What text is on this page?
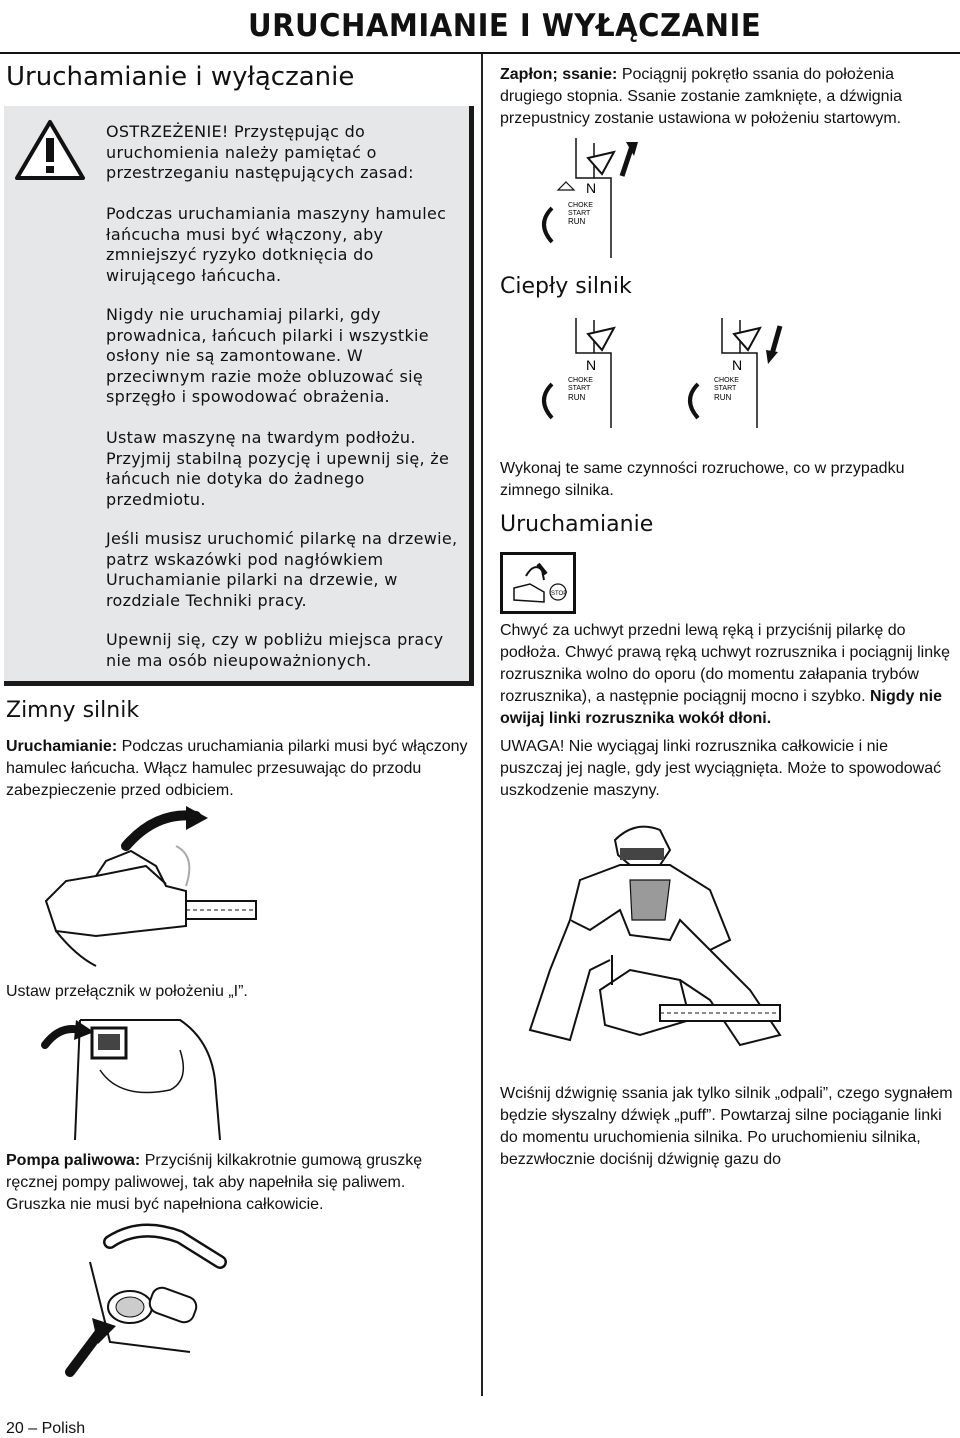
URUCHAMIANIE I WYŁĄCZANIE
Uruchamianie i wyłączanie

OSTRZEŻENIE! Przystępując do uruchomienia należy pamiętać o przestrzeganiu następujących zasad:

Podczas uruchamiania maszyny hamulec łańcucha musi być włączony, aby zmniejszyć ryzyko dotknięcia do wirującego łańcucha.

Nigdy nie uruchamiaj pilarki, gdy prowadnica, łańcuch pilarki i wszystkie osłony nie są zamontowane. W przeciwnym razie może obluzować się sprzęgło i spowodować obrażenia.

Ustaw maszynę na twardym podłożu. Przyjmij stabilną pozycję i upewnij się, że łańcuch nie dotyka do żadnego przedmiotu.

Jeśli musisz uruchomić pilarkę na drzewie, patrz wskazówki pod nagłówkiem Uruchamianie pilarki na drzewie, w rozdziale Techniki pracy.

Upewnij się, czy w pobliżu miejsca pracy nie ma osób nieupoważnionych.

Zimny silnik

Uruchamianie: Podczas uruchamiania pilarki musi być włączony hamulec łańcucha. Włącz hamulec przesuwając do przodu zabezpieczenie przed odbiciem.

Ustaw przełącznik w położeniu „I”.

Pompa paliwowa: Przyciśnij kilkakrotnie gumową gruszkę ręcznej pompy paliwowej, tak aby napełniła się paliwem. Gruszka nie musi być napełniona całkowicie.

20 – Polish

Zapłon; ssanie: Pociągnij pokrętło ssania do położenia drugiego stopnia. Ssanie zostanie zamknięte, a dźwignia przepustnicy zostanie ustawiona w położeniu startowym.

N
CHOKE
START
RUN
Ciepły silnik
N
CHOKE
START
RUN
N
CHOKE
START
RUN

Wykonaj te same czynności rozruchowe, co w przypadku zimnego silnika.

Uruchamianie
STOP

Chwyć za uchwyt przedni lewą ręką i przyciśnij pilarkę do podłoża. Chwyć prawą ręką uchwyt rozrusznika i pociągnij linkę rozrusznika wolno do oporu (do momentu załapania trybów rozrusznika), a następnie pociągnij mocno i szybko. Nigdy nie owijaj linki rozrusznika wokół dłoni.

UWAGA! Nie wyciągaj linki rozrusznika całkowicie i nie puszczaj jej nagle, gdy jest wyciągnięta. Może to spowodować uszkodzenie maszyny.

Wciśnij dźwignię ssania jak tylko silnik „odpali”, czego sygnałem będzie słyszalny dźwięk „puff”. Powtarzaj silne pociąganie linki do momentu uruchomienia silnika. Po uruchomieniu silnika, bezzwłocznie dociśnij dźwignię gazu do
